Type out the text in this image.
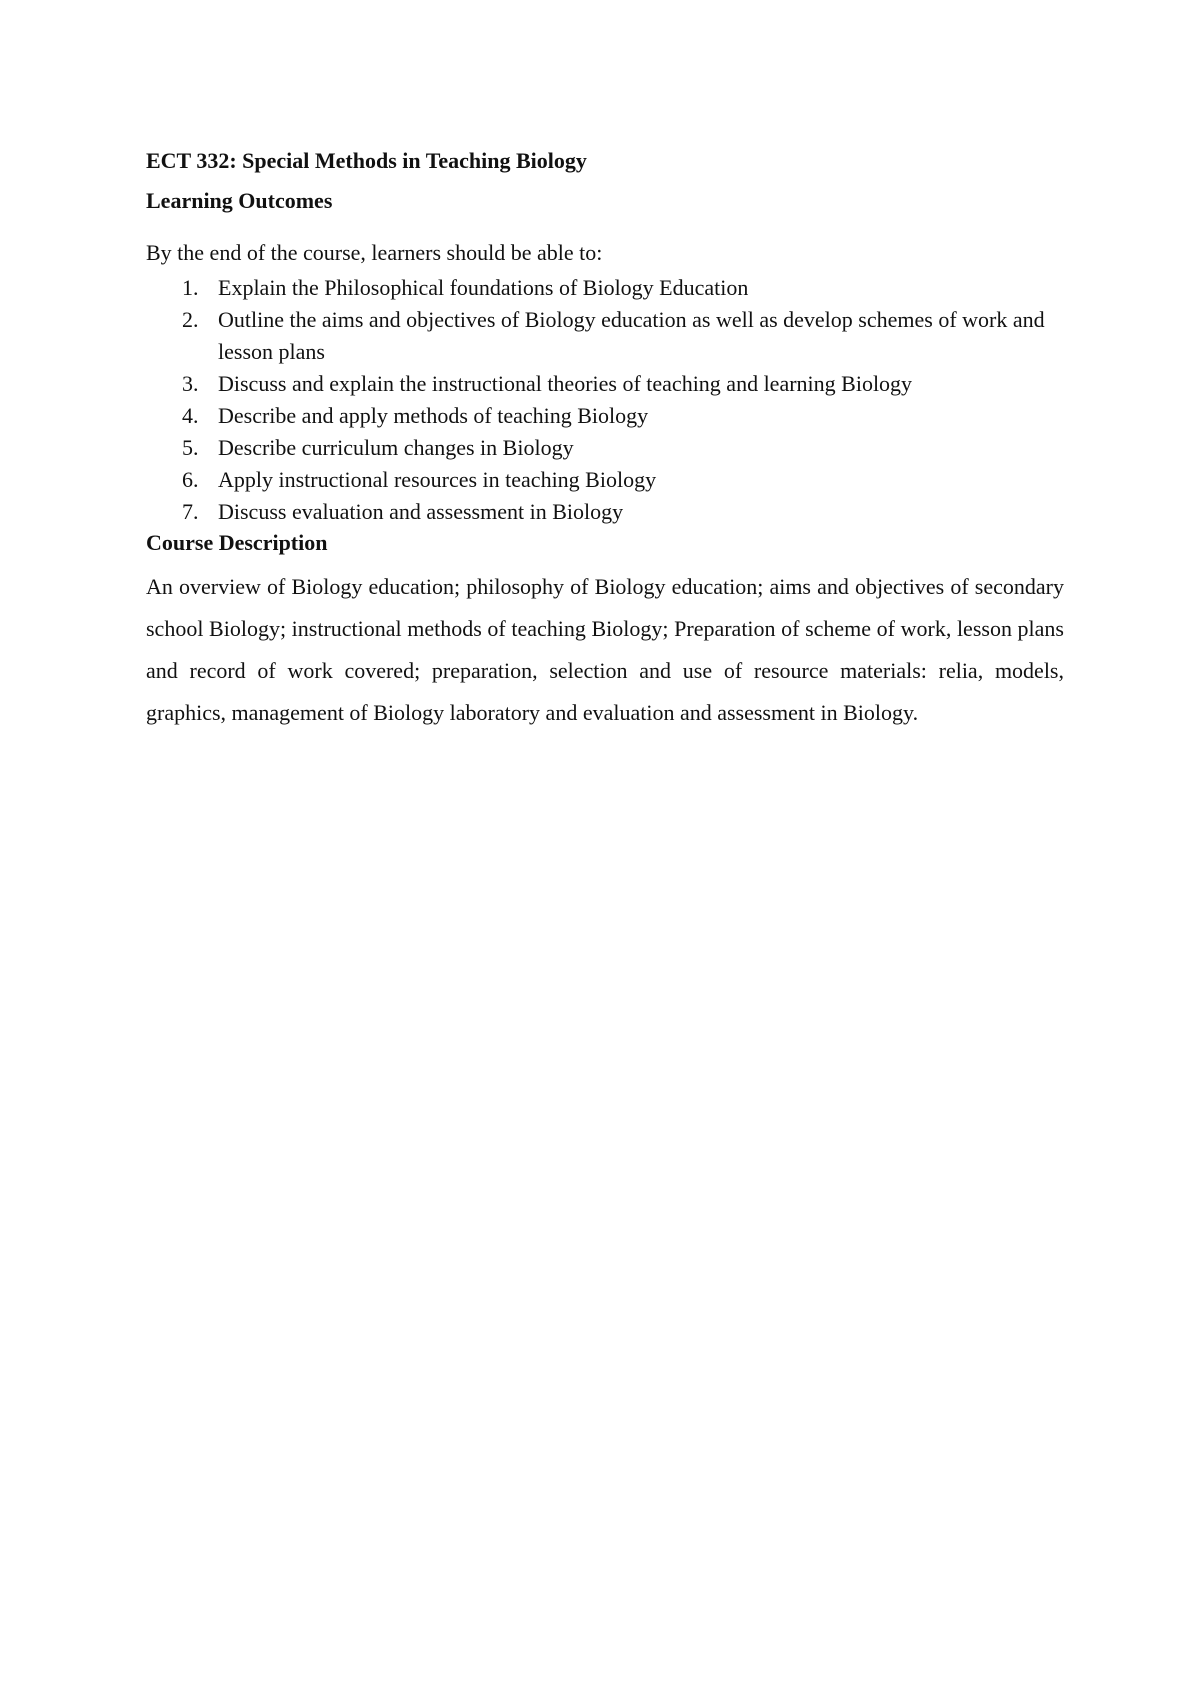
ECT 332: Special Methods in Teaching Biology

Learning Outcomes

By the end of the course, learners should be able to:

1. Explain the Philosophical foundations of Biology Education
2. Outline the aims and objectives of Biology education as well as develop schemes of work and lesson plans
3. Discuss and explain the instructional theories of teaching and learning Biology
4. Describe and apply methods of teaching Biology
5. Describe curriculum changes in Biology
6. Apply instructional resources in teaching Biology
7. Discuss evaluation and assessment in Biology

Course Description

An overview of Biology education; philosophy of Biology education; aims and objectives of secondary school Biology; instructional methods of teaching Biology; Preparation of scheme of work, lesson plans and record of work covered; preparation, selection and use of resource materials: relia, models, graphics, management of Biology laboratory and evaluation and assessment in Biology.
